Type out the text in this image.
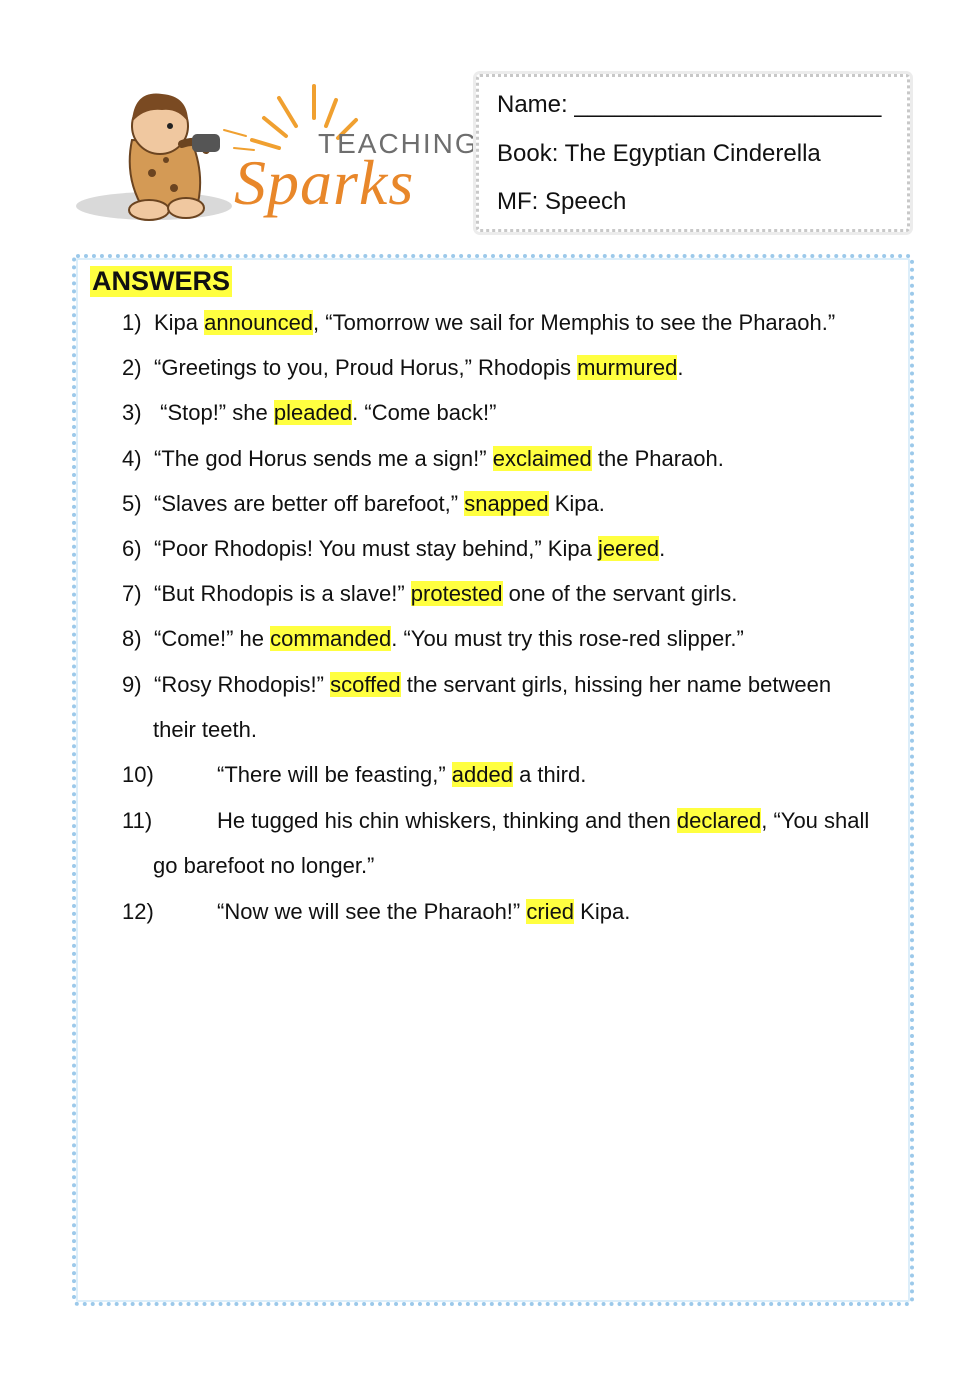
TEACHING

Sparks

Name: _______________________

Book: The Egyptian Cinderella

MF: Speech

ANSWERS

1) Kipa announced, “Tomorrow we sail for Memphis to see the Pharaoh.”
2) “Greetings to you, Proud Horus,” Rhodopis murmured.
3) “Stop!” she pleaded. “Come back!”
4) “The god Horus sends me a sign!” exclaimed the Pharaoh.
5) “Slaves are better off barefoot,” snapped Kipa.
6) “Poor Rhodopis! You must stay behind,” Kipa jeered.
7) “But Rhodopis is a slave!” protested one of the servant girls.
8) “Come!” he commanded. “You must try this rose-red slipper.”
9) “Rosy Rhodopis!” scoffed the servant girls, hissing her name between
their teeth.
10)	“There will be feasting,” added a third.
11)	He tugged his chin whiskers, thinking and then declared, “You shall
go barefoot no longer.”
12)	“Now we will see the Pharaoh!” cried Kipa.
